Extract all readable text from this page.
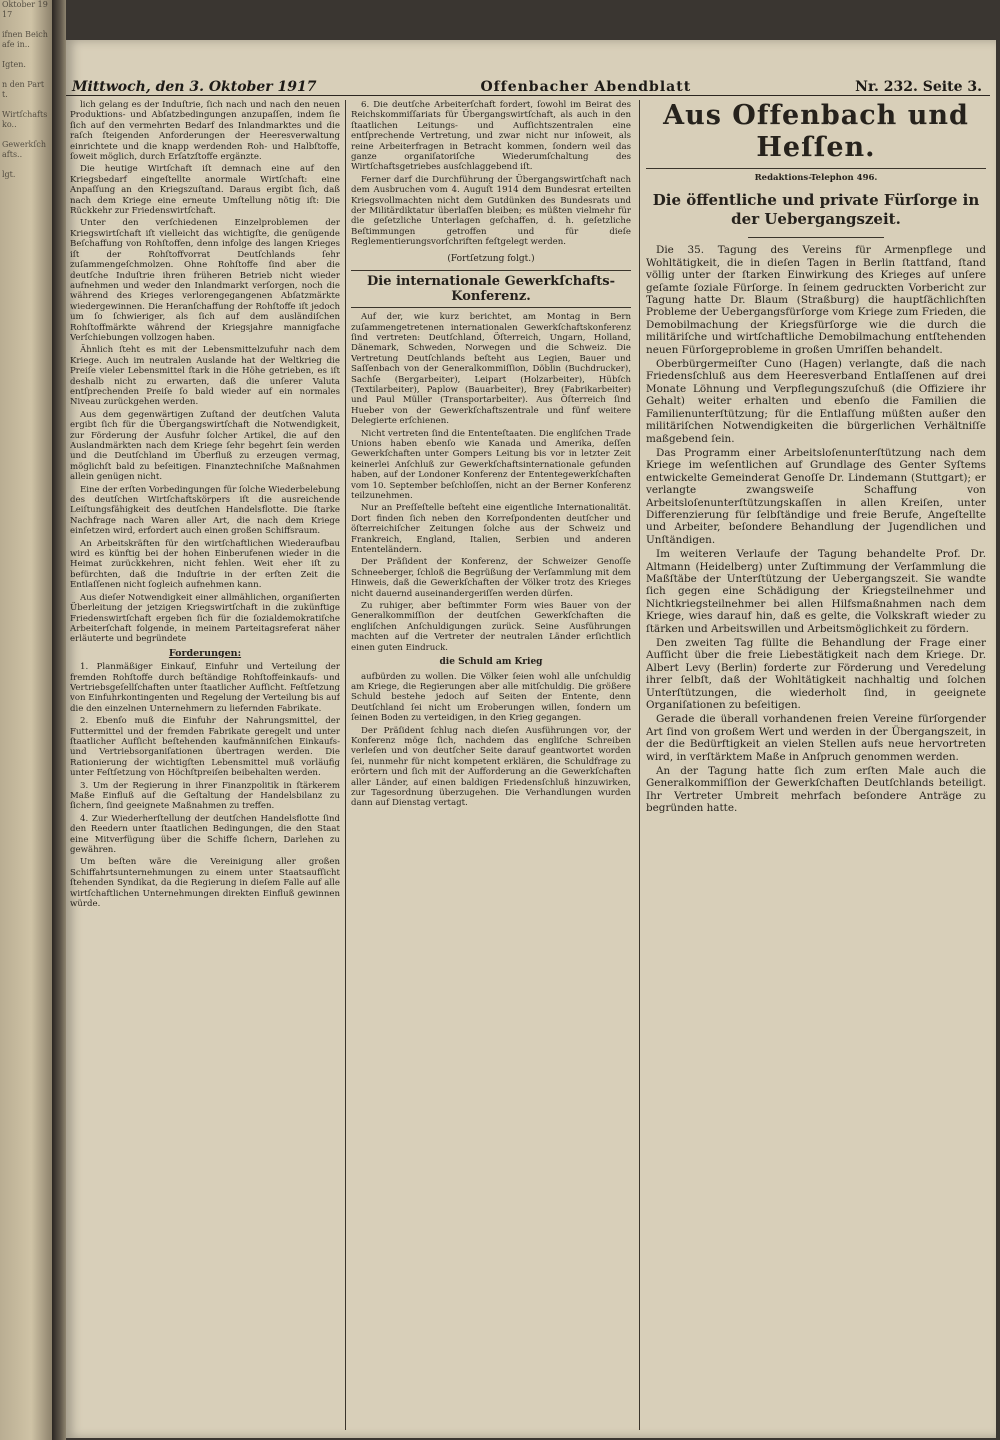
Oktober 1917

ifnen Beichafe in..

Igten.

n den Partt.

Wirtſchaftsko..

Gewerkſchafts..

lgt.
Mittwoch, den 3. Oktober 1917	Offenbacher Abendblatt	Nr. 232. Seite 3.

lich gelang es der Induſtrie, ſich nach und nach den neuen Produktions- und Abſatzbedingungen anzupaſſen, indem ſie ſich auf den vermehrten Bedarf des Inlandmarktes und die raſch ſteigenden Anforderungen der Heeresverwaltung einrichtete und die knapp werdenden Roh- und Halbſtoffe, ſoweit möglich, durch Erſatzſtoffe ergänzte.

Die heutige Wirtſchaft iſt demnach eine auf den Kriegsbedarf eingeſtellte anormale Wirtſchaft: eine Anpaſſung an den Kriegszuſtand. Daraus ergibt ſich, daß nach dem Kriege eine erneute Umſtellung nötig iſt: Die Rückkehr zur Friedenswirtſchaft.

Unter den verſchiedenen Einzelproblemen der Kriegswirtſchaft iſt vielleicht das wichtigſte, die genügende Beſchaffung von Rohſtoffen, denn infolge des langen Krieges iſt der Rohſtoffvorrat Deutſchlands ſehr zuſammengeſchmolzen. Ohne Rohſtoffe ſind aber die deutſche Induſtrie ihren früheren Betrieb nicht wieder aufnehmen und weder den Inlandmarkt verſorgen, noch die während des Krieges verlorengegangenen Abſatzmärkte wiedergewinnen. Die Heranſchaffung der Rohſtoffe iſt jedoch um ſo ſchwieriger, als ſich auf dem ausländiſchen Rohſtoffmärkte während der Kriegsjahre mannigfache Verſchiebungen vollzogen haben.

Ähnlich ſteht es mit der Lebensmittelzufuhr nach dem Kriege. Auch im neutralen Auslande hat der Weltkrieg die Preiſe vieler Lebensmittel ſtark in die Höhe getrieben, es iſt deshalb nicht zu erwarten, daß die unſerer Valuta entſprechenden Preiſe ſo bald wieder auf ein normales Niveau zurückgehen werden.

Aus dem gegenwärtigen Zuſtand der deutſchen Valuta ergibt ſich für die Übergangswirtſchaft die Notwendigkeit, zur Förderung der Ausfuhr ſolcher Artikel, die auf den Auslandmärkten nach dem Kriege ſehr begehrt ſein werden und die Deutſchland im Überfluß zu erzeugen vermag, möglichſt bald zu beſeitigen. Finanztechniſche Maßnahmen allein genügen nicht.

Eine der erſten Vorbedingungen für ſolche Wiederbelebung des deutſchen Wirtſchaftskörpers iſt die ausreichende Leiſtungsfähigkeit des deutſchen Handelsflotte. Die ſtarke Nachfrage nach Waren aller Art, die nach dem Kriege einſetzen wird, erfordert auch einen großen Schiffsraum.

An Arbeitskräften für den wirtſchaftlichen Wiederaufbau wird es künftig bei der hohen Einberufenen wieder in die Heimat zurückkehren, nicht fehlen. Weit eher iſt zu befürchten, daß die Induſtrie in der erſten Zeit die Entlaſſenen nicht ſogleich aufnehmen kann.

Aus dieſer Notwendigkeit einer allmählichen, organiſierten Überleitung der jetzigen Kriegswirtſchaft in die zukünftige Friedenswirtſchaft ergeben ſich für die ſozialdemokratiſche Arbeiterſchaft folgende, in meinem Parteitagsreferat näher erläuterte und begründete

Forderungen:

1. Planmäßiger Einkauf, Einfuhr und Verteilung der fremden Rohſtoffe durch beſtändige Rohſtoffeinkaufs- und Vertriebsgeſellſchaften unter ſtaatlicher Aufſicht. Feſtſetzung von Einfuhrkontingenten und Regelung der Verteilung bis auf die den einzelnen Unternehmern zu liefernden Fabrikate.

2. Ebenſo muß die Einfuhr der Nahrungsmittel, der Futtermittel und der fremden Fabrikate geregelt und unter ſtaatlicher Aufſicht beſtehenden kaufmänniſchen Einkaufs- und Vertriebsorganiſationen übertragen werden. Die Rationierung der wichtigſten Lebensmittel muß vorläufig unter Feſtſetzung von Höchſtpreiſen beibehalten werden.

3. Um der Regierung in ihrer Finanzpolitik in ſtärkerem Maße Einfluß auf die Geſtaltung der Handelsbilanz zu ſichern, ſind geeignete Maßnahmen zu treffen.

4. Zur Wiederherſtellung der deutſchen Handelsflotte ſind den Reedern unter ſtaatlichen Bedingungen, die den Staat eine Mitverfügung über die Schiffe ſichern, Darlehen zu gewähren.

Um beſten wäre die Vereinigung aller großen Schiffahrtsunternehmungen zu einem unter Staatsaufſicht ſtehenden Syndikat, da die Regierung in dieſem Falle auf alle wirtſchaftlichen Unternehmungen direkten Einfluß gewinnen würde.

6. Die deutſche Arbeiterſchaft fordert, ſowohl im Beirat des Reichskommiſſariats für Übergangswirtſchaft, als auch in den ſtaatlichen Leitungs- und Aufſichtszentralen eine entſprechende Vertretung, und zwar nicht nur inſoweit, als reine Arbeiterfragen in Betracht kommen, ſondern weil das ganze organiſatoriſche Wiederumſchaltung des Wirtſchaftsgetriebes ausſchlaggebend iſt.

Ferner darf die Durchführung der Übergangswirtſchaft nach dem Ausbruchen vom 4. Auguſt 1914 dem Bundesrat erteilten Kriegsvollmachten nicht dem Gutdünken des Bundesrats und der Militärdiktatur überlaſſen bleiben; es müßten vielmehr für die geſetzliche Unterlagen geſchaffen, d. h. geſetzliche Beſtimmungen getroffen und für dieſe Reglementierungsvorſchriften feſtgelegt werden.

(Fortſetzung folgt.)
Die internationale Gewerkſchafts-Konferenz.

Auf der, wie kurz berichtet, am Montag in Bern zuſammengetretenen internationalen Gewerkſchaftskonferenz ſind vertreten: Deutſchland, Öſterreich, Ungarn, Holland, Dänemark, Schweden, Norwegen und die Schweiz. Die Vertretung Deutſchlands beſteht aus Legien, Bauer und Saſſenbach von der Generalkommiſſion, Döblin (Buchdrucker), Sachſe (Bergarbeiter), Leipart (Holzarbeiter), Hübſch (Textilarbeiter), Paplow (Bauarbeiter), Brey (Fabrikarbeiter) und Paul Müller (Transportarbeiter). Aus Öſterreich ſind Hueber von der Gewerkſchaftszentrale und fünf weitere Delegierte erſchienen.

Nicht vertreten ſind die Ententeſtaaten. Die engliſchen Trade Unions haben ebenſo wie Kanada und Amerika, deſſen Gewerkſchaften unter Gompers Leitung bis vor in letzter Zeit keinerlei Anſchluß zur Gewerkſchaftsinternationale gefunden haben, auf der Londoner Konferenz der Ententegewerkſchaften vom 10. September beſchloſſen, nicht an der Berner Konferenz teilzunehmen.

Nur an Preſſeſtelle beſteht eine eigentliche Internationalität. Dort finden ſich neben den Korreſpondenten deutſcher und öſterreichiſcher Zeitungen ſolche aus der Schweiz und Frankreich, England, Italien, Serbien und anderen Ententeländern.

Der Präſident der Konferenz, der Schweizer Genoſſe Schneeberger, ſchloß die Begrüßung der Verſammlung mit dem Hinweis, daß die Gewerkſchaften der Völker trotz des Krieges nicht dauernd auseinandergeriſſen werden dürfen.

Zu ruhiger, aber beſtimmter Form wies Bauer von der Generalkommiſſion der deutſchen Gewerkſchaften die engliſchen Anſchuldigungen zurück. Seine Ausführungen machten auf die Vertreter der neutralen Länder erſichtlich einen guten Eindruck.

die Schuld am Krieg

aufbürden zu wollen. Die Völker ſeien wohl alle unſchuldig am Kriege, die Regierungen aber alle mitſchuldig. Die größere Schuld bestehe jedoch auf Seiten der Entente, denn Deutſchland ſei nicht um Eroberungen willen, ſondern um ſeinen Boden zu verteidigen, in den Krieg gegangen.

Der Präſident ſchlug nach dieſen Ausführungen vor, der Konferenz möge ſich, nachdem das engliſche Schreiben verleſen und von deutſcher Seite darauf geantwortet worden ſei, nunmehr für nicht kompetent erklären, die Schuldfrage zu erörtern und ſich mit der Aufforderung an die Gewerkſchaften aller Länder, auf einen baldigen Friedensſchluß hinzuwirken, zur Tagesordnung überzugehen. Die Verhandlungen wurden dann auf Dienstag vertagt.

Aus Offenbach und Heſſen.
Redaktions-Telephon 496.
Die öffentliche und private Fürſorge in der Uebergangszeit.

Die 35. Tagung des Vereins für Armenpflege und Wohltätigkeit, die in dieſen Tagen in Berlin ſtattfand, ſtand völlig unter der ſtarken Einwirkung des Krieges auf unſere geſamte ſoziale Fürſorge. In ſeinem gedruckten Vorbericht zur Tagung hatte Dr. Blaum (Straßburg) die hauptſächlichſten Probleme der Uebergangsfürſorge vom Kriege zum Frieden, die Demobilmachung der Kriegsfürſorge wie die durch die militäriſche und wirtſchaftliche Demobilmachung entſtehenden neuen Fürſorgeprobleme in großen Umriſſen behandelt.

Oberbürgermeiſter Cuno (Hagen) verlangte, daß die nach Friedensſchluß aus dem Heeresverband Entlaſſenen auf drei Monate Löhnung und Verpflegungszuſchuß (die Offiziere ihr Gehalt) weiter erhalten und ebenſo die Familien die Familienunterſtützung; für die Entlaſſung müßten außer den militäriſchen Notwendigkeiten die bürgerlichen Verhältniſſe maßgebend ſein.

Das Programm einer Arbeitsloſenunterſtützung nach dem Kriege im weſentlichen auf Grundlage des Genter Syſtems entwickelte Gemeinderat Genoſſe Dr. Lindemann (Stuttgart); er verlangte zwangsweiſe Schaffung von Arbeitsloſenunterſtützungskaſſen in allen Kreiſen, unter Differenzierung für ſelbſtändige und freie Berufe, Angeſtellte und Arbeiter, beſondere Behandlung der Jugendlichen und Unſtändigen.

Im weiteren Verlaufe der Tagung behandelte Prof. Dr. Altmann (Heidelberg) unter Zuſtimmung der Verſammlung die Maßſtäbe der Unterſtützung der Uebergangszeit. Sie wandte ſich gegen eine Schädigung der Kriegsteilnehmer und Nichtkriegsteilnehmer bei allen Hilfsmaßnahmen nach dem Kriege, wies darauf hin, daß es gelte, die Volkskraft wieder zu ſtärken und Arbeitswillen und Arbeitsmöglichkeit zu fördern.

Den zweiten Tag füllte die Behandlung der Frage einer Aufſicht über die freie Liebestätigkeit nach dem Kriege. Dr. Albert Levy (Berlin) forderte zur Förderung und Veredelung ihrer ſelbſt, daß der Wohltätigkeit nachhaltig und ſolchen Unterſtützungen, die wiederholt ſind, in geeignete Organiſationen zu beſeitigen.

Gerade die überall vorhandenen freien Vereine fürſorgender Art ſind von großem Wert und werden in der Übergangszeit, in der die Bedürftigkeit an vielen Stellen aufs neue hervortreten wird, in verſtärktem Maße in Anſpruch genommen werden.

An der Tagung hatte ſich zum erſten Male auch die Generalkommiſſion der Gewerkſchaften Deutſchlands beteiligt. Ihr Vertreter Umbreit mehrfach beſondere Anträge zu begründen hatte.
